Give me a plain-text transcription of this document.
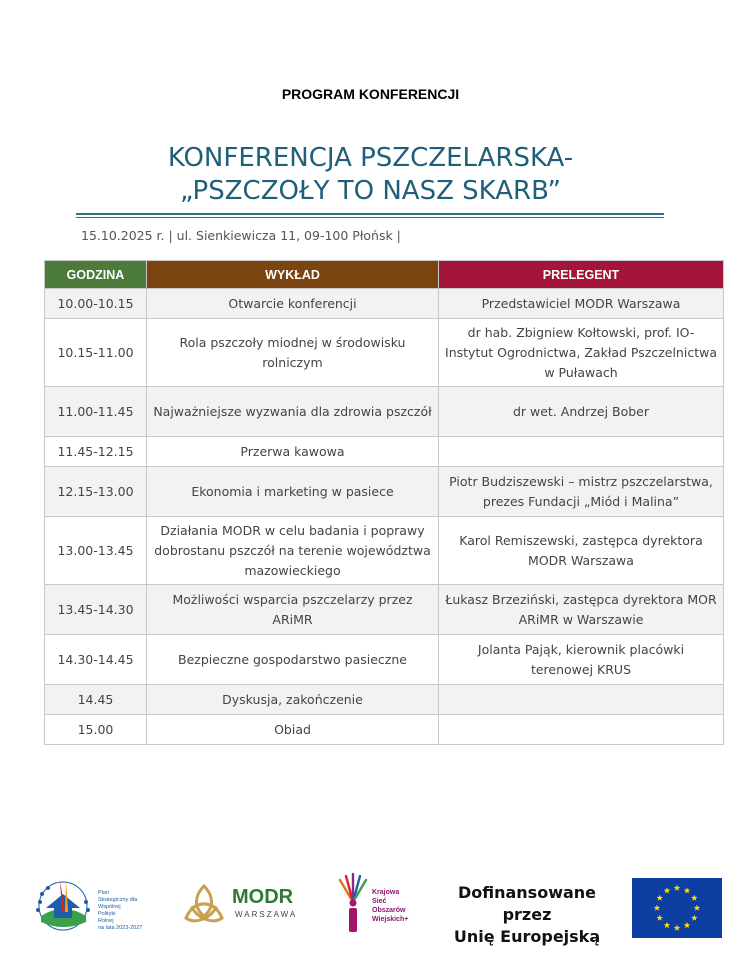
PROGRAM KONFERENCJI
KONFERENCJA PSZCZELARSKA-
„PSZCZOŁY TO NASZ SKARB”
15.10.2025 r. | ul. Sienkiewicza 11, 09-100 Płońsk |
GODZINA	WYKŁAD	PRELEGENT
10.00-10.15	Otwarcie konferencji	Przedstawiciel MODR Warszawa
10.15-11.00	Rola pszczoły miodnej w środowisku rolniczym	dr hab. Zbigniew Kołtowski, prof. IO- Instytut Ogrodnictwa, Zakład Pszczelnictwa w Puławach
11.00-11.45	Najważniejsze wyzwania dla zdrowia pszczół	dr wet. Andrzej Bober
11.45-12.15	Przerwa kawowa	
12.15-13.00	Ekonomia i marketing w pasiece	Piotr Budziszewski – mistrz pszczelarstwa, prezes Fundacji „Miód i Malina”
13.00-13.45	Działania MODR w celu badania i poprawy dobrostanu pszczół na terenie województwa mazowieckiego	Karol Remiszewski, zastępca dyrektora MODR Warszawa
13.45-14.30	Możliwości wsparcia pszczelarzy przez ARiMR	Łukasz Brzeziński, zastępca dyrektora MOR ARiMR w Warszawie
14.30-14.45	Bezpieczne gospodarstwo pasieczne	Jolanta Pająk, kierownik placówki terenowej KRUS
14.45	Dyskusja, zakończenie	
15.00	Obiad	
Plan
Strategiczny dla
Wspólnej
Polityki
Rolnej
na lata 2023-2027
MODR
WARSZAWA
Krajowa
Sieć
Obszarów
Wiejskich+
Dofinansowane przez
Unię Europejską
